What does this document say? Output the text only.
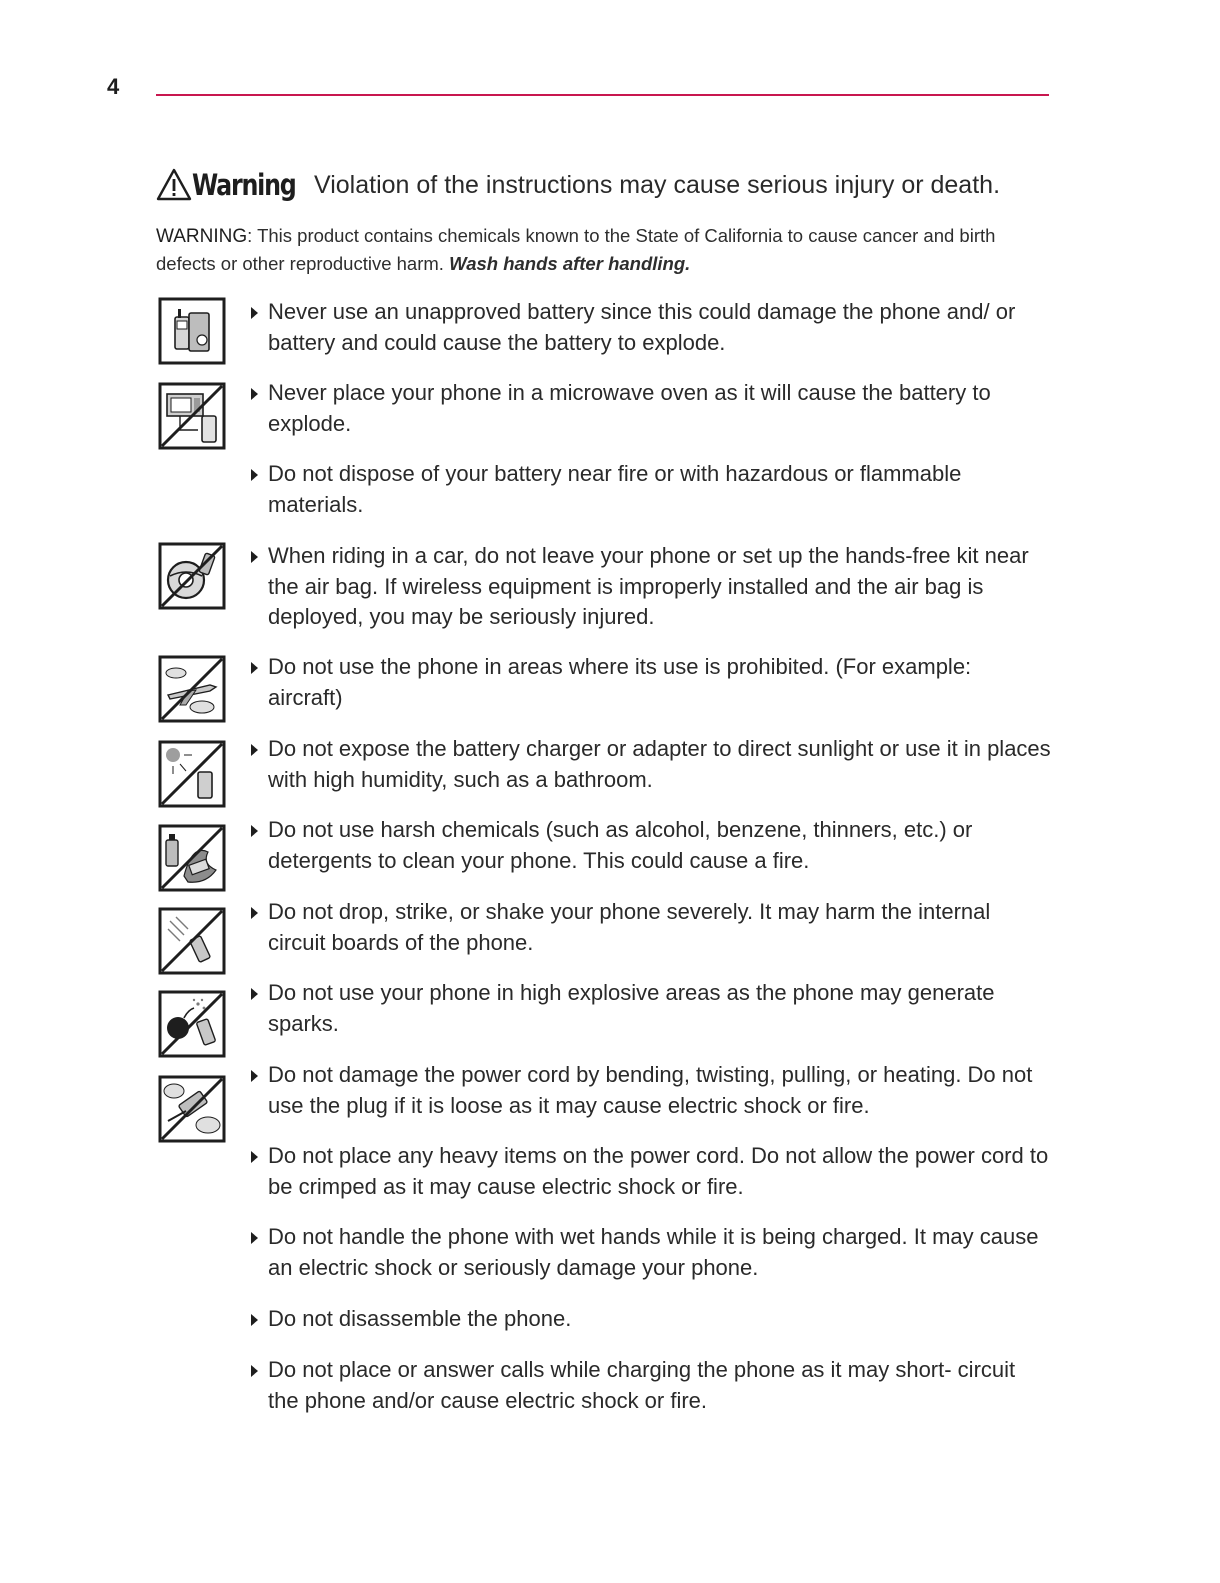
4
Warning Violation of the instructions may cause serious injury or death.
WARNING: This product contains chemicals known to the State of California to cause cancer and birth defects or other reproductive harm. Wash hands after handling.
Never use an unapproved battery since this could damage the phone and/ or battery and could cause the battery to explode.
Never place your phone in a microwave oven as it will cause the battery to explode.
Do not dispose of your battery near fire or with hazardous or flammable materials.
When riding in a car, do not leave your phone or set up the hands-free kit near the air bag. If wireless equipment is improperly installed and the air bag is deployed, you may be seriously injured.
Do not use the phone in areas where its use is prohibited. (For example: aircraft)
Do not expose the battery charger or adapter to direct sunlight or use it in places with high humidity, such as a bathroom.
Do not use harsh chemicals (such as alcohol, benzene, thinners, etc.) or detergents to clean your phone. This could cause a fire.
Do not drop, strike, or shake your phone severely. It may harm the internal circuit boards of the phone.
Do not use your phone in high explosive areas as the phone may generate sparks.
Do not damage the power cord by bending, twisting, pulling, or heating. Do not use the plug if it is loose as it may cause electric shock or fire.
Do not place any heavy items on the power cord. Do not allow the power cord to be crimped as it may cause electric shock or fire.
Do not handle the phone with wet hands while it is being charged. It may cause an electric shock or seriously damage your phone.
Do not disassemble the phone.
Do not place or answer calls while charging the phone as it may short- circuit the phone and/or cause electric shock or fire.
